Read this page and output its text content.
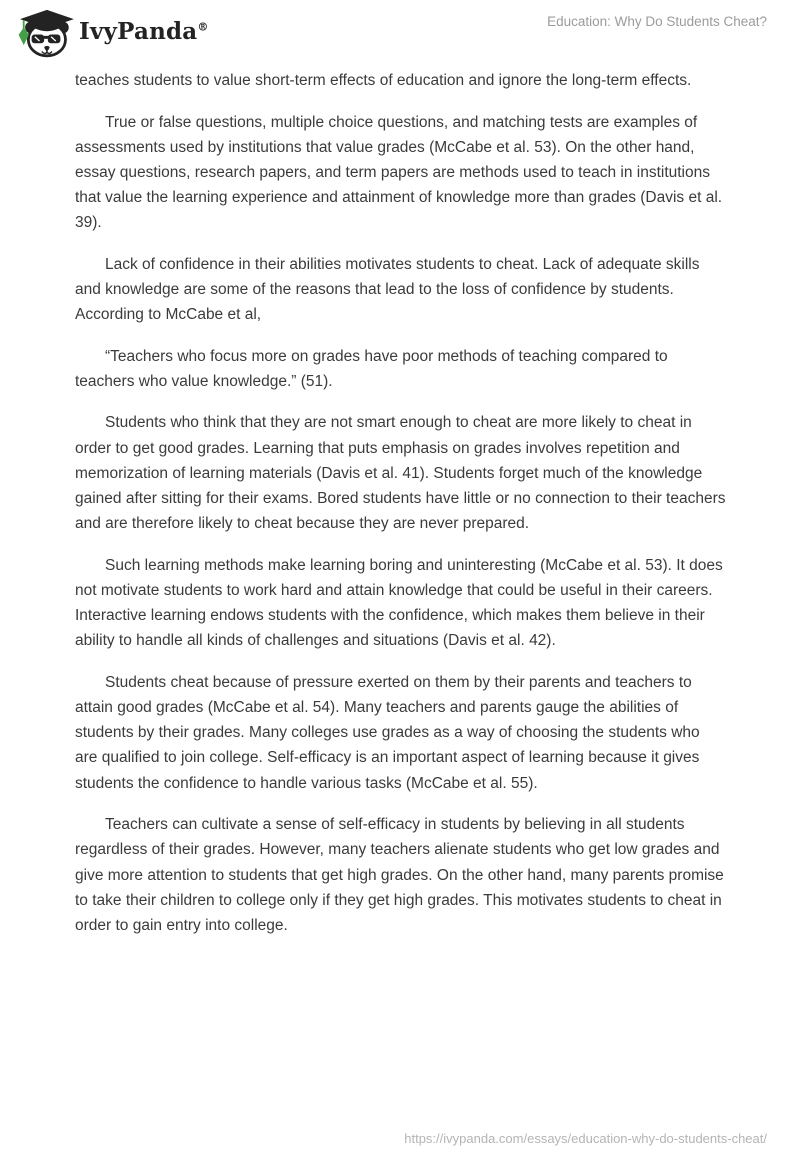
IvyPanda®	Education: Why Do Students Cheat?

teaches students to value short-term effects of education and ignore the long-term effects.

True or false questions, multiple choice questions, and matching tests are examples of assessments used by institutions that value grades (McCabe et al. 53). On the other hand, essay questions, research papers, and term papers are methods used to teach in institutions that value the learning experience and attainment of knowledge more than grades (Davis et al. 39).

Lack of confidence in their abilities motivates students to cheat. Lack of adequate skills and knowledge are some of the reasons that lead to the loss of confidence by students. According to McCabe et al,

“Teachers who focus more on grades have poor methods of teaching compared to teachers who value knowledge.” (51).

Students who think that they are not smart enough to cheat are more likely to cheat in order to get good grades. Learning that puts emphasis on grades involves repetition and memorization of learning materials (Davis et al. 41). Students forget much of the knowledge gained after sitting for their exams. Bored students have little or no connection to their teachers and are therefore likely to cheat because they are never prepared.

Such learning methods make learning boring and uninteresting (McCabe et al. 53). It does not motivate students to work hard and attain knowledge that could be useful in their careers. Interactive learning endows students with the confidence, which makes them believe in their ability to handle all kinds of challenges and situations (Davis et al. 42).

Students cheat because of pressure exerted on them by their parents and teachers to attain good grades (McCabe et al. 54). Many teachers and parents gauge the abilities of students by their grades. Many colleges use grades as a way of choosing the students who are qualified to join college. Self-efficacy is an important aspect of learning because it gives students the confidence to handle various tasks (McCabe et al. 55).

Teachers can cultivate a sense of self-efficacy in students by believing in all students regardless of their grades. However, many teachers alienate students who get low grades and give more attention to students that get high grades. On the other hand, many parents promise to take their children to college only if they get high grades. This motivates students to cheat in order to gain entry into college.

https://ivypanda.com/essays/education-why-do-students-cheat/
